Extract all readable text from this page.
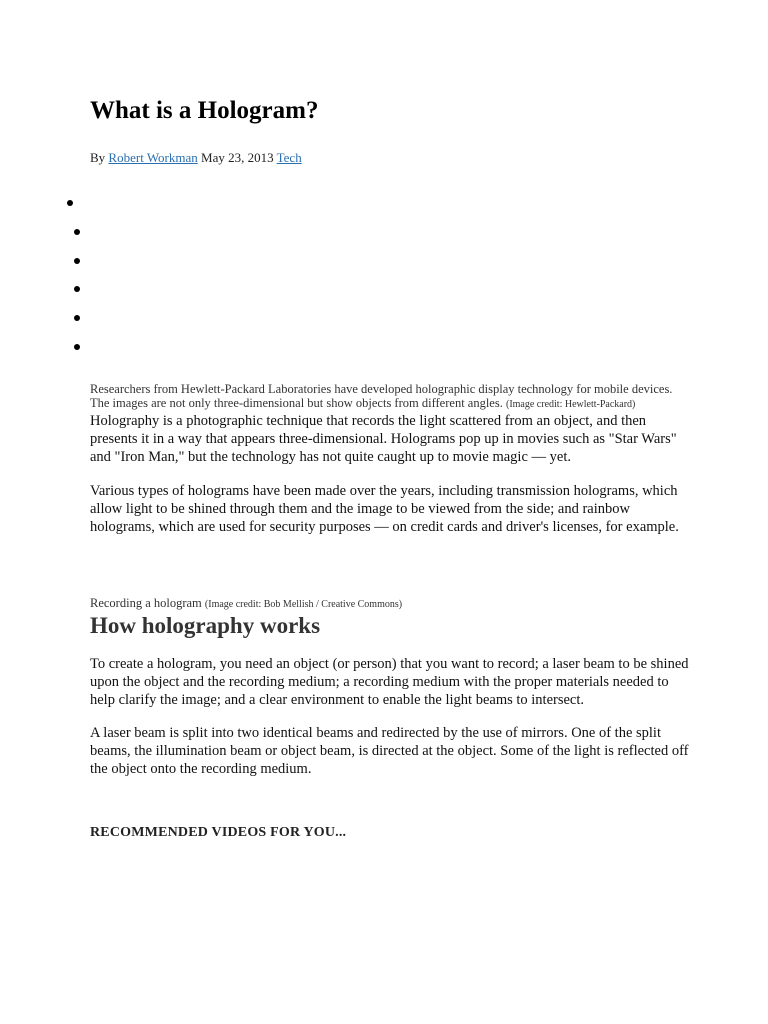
What is a Hologram?
By Robert Workman May 23, 2013 Tech
Researchers from Hewlett-Packard Laboratories have developed holographic display technology for mobile devices. The images are not only three-dimensional but show objects from different angles. (Image credit: Hewlett-Packard)

Holography is a photographic technique that records the light scattered from an object, and then presents it in a way that appears three-dimensional. Holograms pop up in movies such as "Star Wars" and "Iron Man," but the technology has not quite caught up to movie magic — yet.

Various types of holograms have been made over the years, including transmission holograms, which allow light to be shined through them and the image to be viewed from the side; and rainbow holograms, which are used for security purposes — on credit cards and driver's licenses, for example.

Recording a hologram (Image credit: Bob Mellish / Creative Commons)
How holography works

To create a hologram, you need an object (or person) that you want to record; a laser beam to be shined upon the object and the recording medium; a recording medium with the proper materials needed to help clarify the image; and a clear environment to enable the light beams to intersect.

A laser beam is split into two identical beams and redirected by the use of mirrors. One of the split beams, the illumination beam or object beam, is directed at the object. Some of the light is reflected off the object onto the recording medium.

RECOMMENDED VIDEOS FOR YOU...
